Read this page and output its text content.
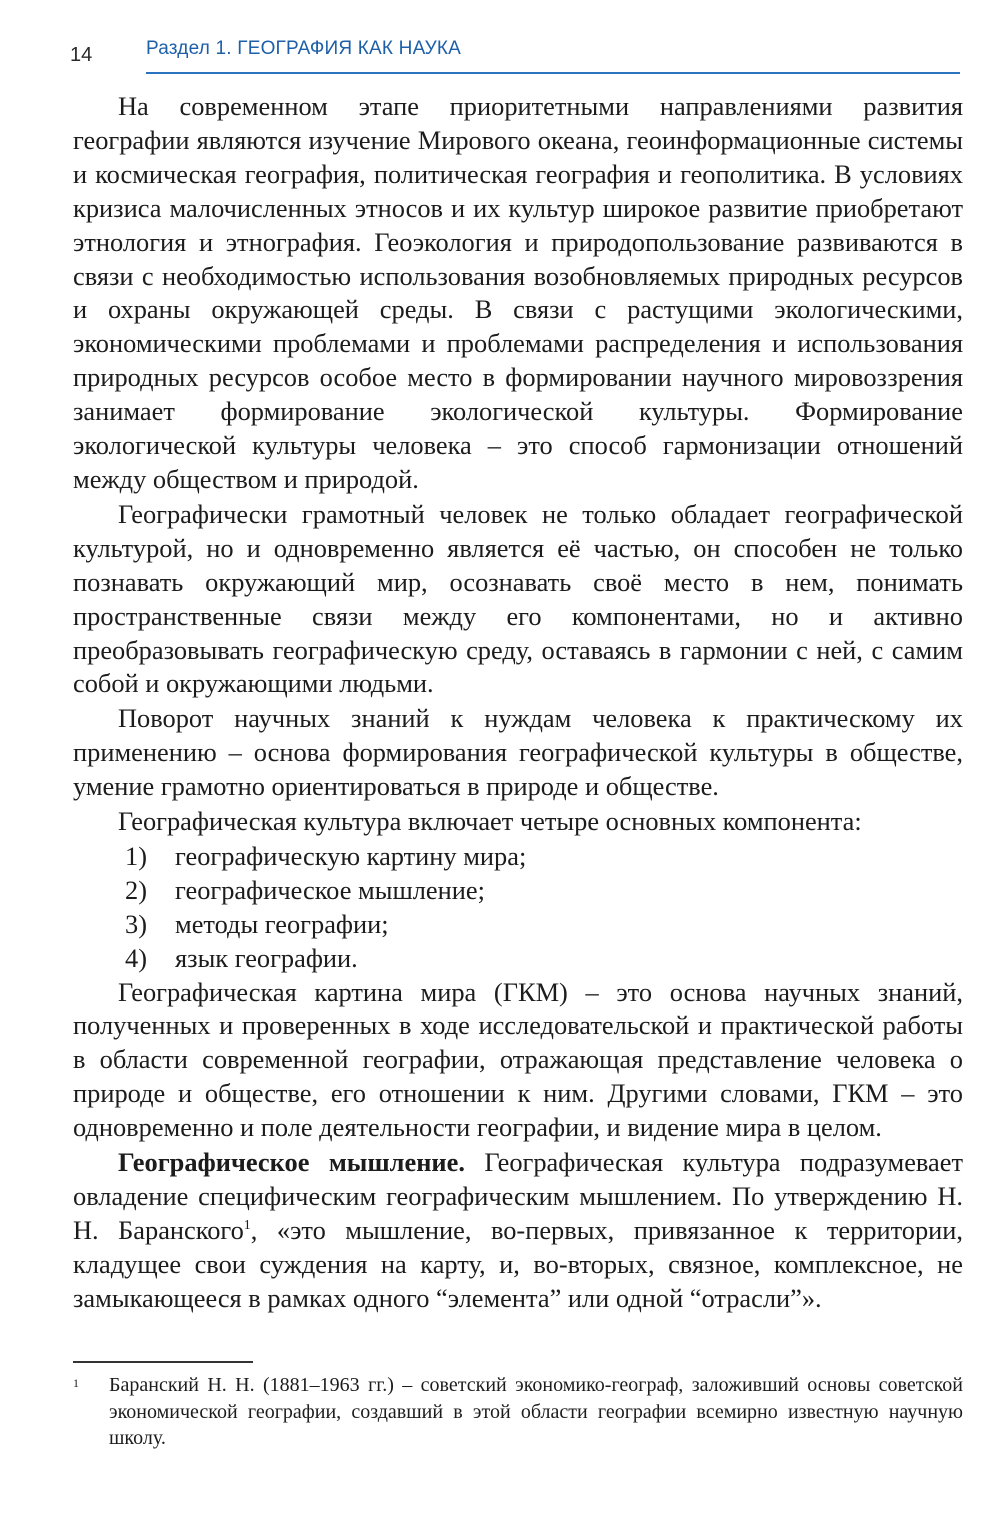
14	Раздел 1. ГЕОГРАФИЯ КАК НАУКА

На современном этапе приоритетными направлениями развития географии являются изучение Мирового океана, геоинформационные системы и космическая география, политическая география и геополитика. В условиях кризиса малочисленных этносов и их культур широкое развитие приобретают этнология и этнография. Геоэкология и природопользование развиваются в связи с необходимостью использования возобновляемых природных ресурсов и охраны окружающей среды. В связи с растущими экологическими, экономическими проблемами и проблемами распределения и использования природных ресурсов особое место в формировании научного мировоззрения занимает формирование экологической культуры. Формирование экологической культуры человека – это способ гармонизации отношений между обществом и природой.

Географически грамотный человек не только обладает географической культурой, но и одновременно является её частью, он способен не только познавать окружающий мир, осознавать своё место в нем, понимать пространственные связи между его компонентами, но и активно преобразовывать географическую среду, оставаясь в гармонии с ней, с самим собой и окружающими людьми.

Поворот научных знаний к нуждам человека к практическому их применению – основа формирования географической культуры в обществе, умение грамотно ориентироваться в природе и обществе.

Географическая культура включает четыре основных компонента:

1) географическую картину мира;
2) географическое мышление;
3) методы географии;
4) язык географии.

Географическая картина мира (ГКМ) – это основа научных знаний, полученных и проверенных в ходе исследовательской и практической работы в области современной географии, отражающая представление человека о природе и обществе, его отношении к ним. Другими словами, ГКМ – это одновременно и поле деятельности географии, и видение мира в целом.

Географическое мышление. Географическая культура подразумевает овладение специфическим географическим мышлением. По утверждению Н. Н. Баранского$^1$, «это мышление, во-первых, привязанное к территории, кладущее свои суждения на карту, и, во-вторых, связное, комплексное, не замыкающееся в рамках одного “элемента” или одной “отрасли”».

1 Баранский Н. Н. (1881–1963 гг.) – советский экономико-географ, заложивший основы советской экономической географии, создавший в этой области географии всемирно известную научную школу.
